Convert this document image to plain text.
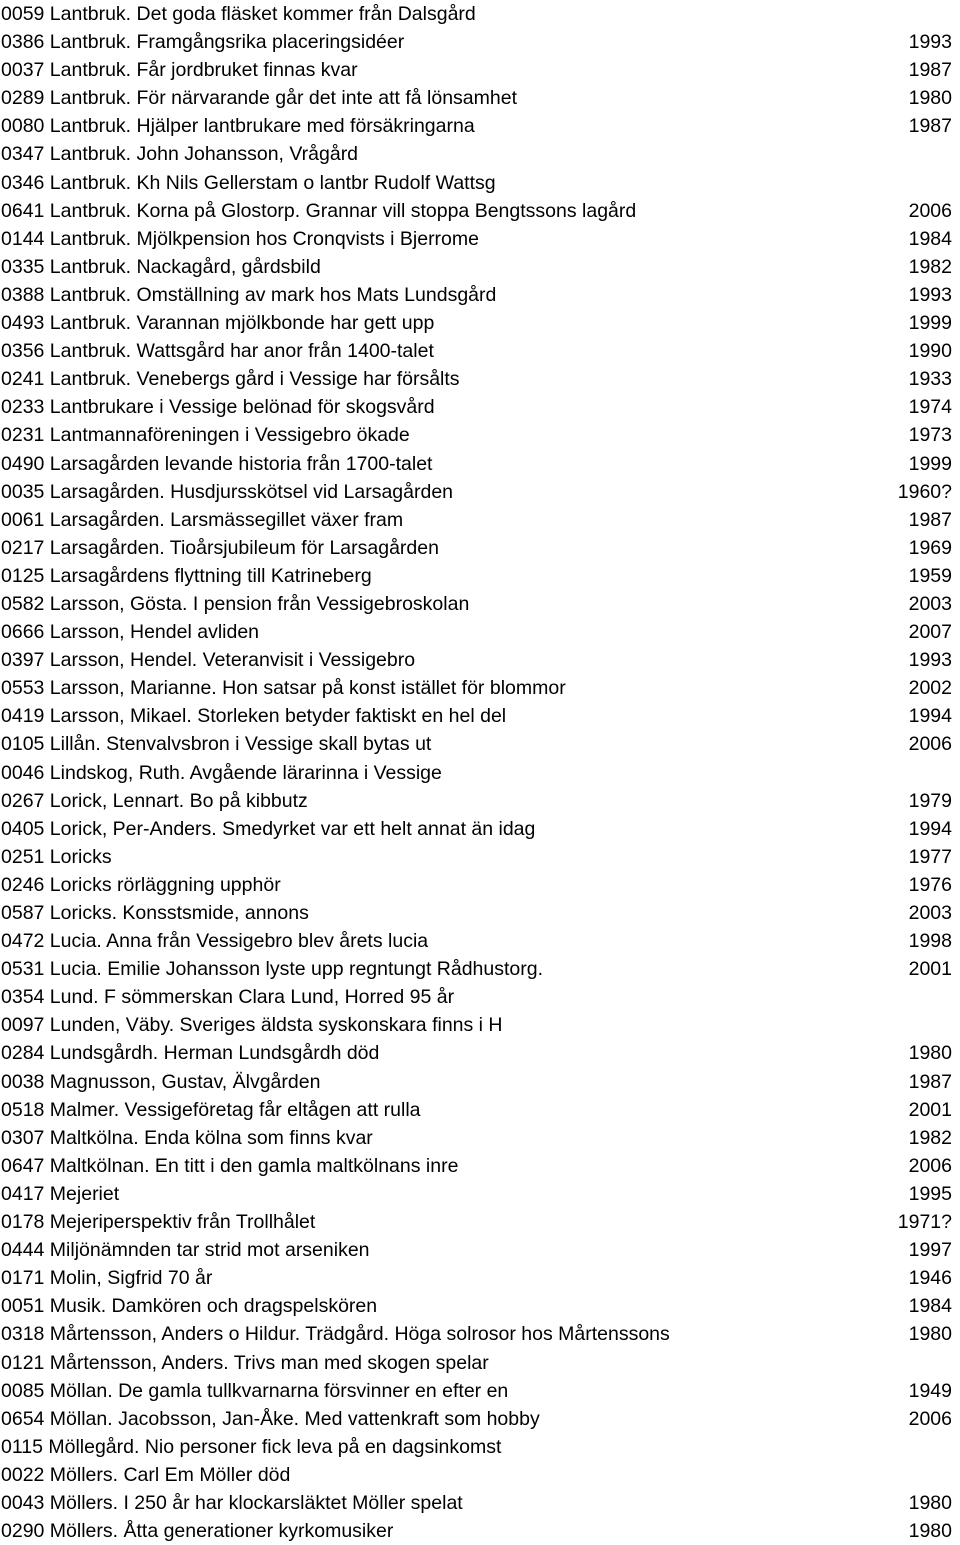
0059 Lantbruk. Det goda fläsket kommer från Dalsgård
0386 Lantbruk. Framgångsrika placeringsidéer	1993
0037 Lantbruk. Får jordbruket finnas kvar	1987
0289 Lantbruk. För närvarande går det inte att få lönsamhet	1980
0080 Lantbruk. Hjälper lantbrukare med försäkringarna	1987
0347 Lantbruk. John Johansson, Vrågård
0346 Lantbruk. Kh Nils Gellerstam o lantbr Rudolf Wattsg
0641 Lantbruk. Korna på Glostorp. Grannar vill stoppa Bengtssons lagård	2006
0144 Lantbruk. Mjölkpension hos Cronqvists i Bjerrome	1984
0335 Lantbruk. Nackagård, gårdsbild	1982
0388 Lantbruk. Omställning av mark hos Mats Lundsgård	1993
0493 Lantbruk. Varannan mjölkbonde har gett upp	1999
0356 Lantbruk. Wattsgård har anor från 1400-talet	1990
0241 Lantbruk. Venebergs gård i Vessige har försålts	1933
0233 Lantbrukare i Vessige belönad för skogsvård	1974
0231 Lantmannaföreningen i Vessigebro ökade	1973
0490 Larsagården levande historia från 1700-talet	1999
0035 Larsagården. Husdjursskötsel vid Larsagården	1960?
0061 Larsagården. Larsmässegillet växer fram	1987
0217 Larsagården. Tioårsjubileum för Larsagården	1969
0125 Larsagårdens flyttning till Katrineberg	1959
0582 Larsson, Gösta. I pension från Vessigebroskolan	2003
0666 Larsson, Hendel avliden	2007
0397 Larsson, Hendel. Veteranvisit i Vessigebro	1993
0553 Larsson, Marianne. Hon satsar på konst istället för blommor	2002
0419 Larsson, Mikael. Storleken betyder faktiskt en hel del	1994
0105 Lillån. Stenvalvsbron i Vessige skall bytas ut	2006
0046 Lindskog, Ruth. Avgående lärarinna i Vessige
0267 Lorick, Lennart. Bo på kibbutz	1979
0405 Lorick, Per-Anders. Smedyrket var ett helt annat än idag	1994
0251 Loricks	1977
0246 Loricks rörläggning upphör	1976
0587 Loricks. Konsstsmide, annons	2003
0472 Lucia. Anna från Vessigebro blev årets lucia	1998
0531 Lucia. Emilie Johansson lyste upp regntungt Rådhustorg.	2001
0354 Lund. F sömmerskan Clara Lund, Horred 95 år
0097 Lunden, Väby. Sveriges äldsta syskonskara finns i H
0284 Lundsgårdh. Herman Lundsgårdh död	1980
0038 Magnusson, Gustav, Älvgården	1987
0518 Malmer. Vessigeföretag får eltågen att rulla	2001
0307 Maltkölna. Enda kölna som finns kvar	1982
0647 Maltkölnan. En titt i den gamla maltkölnans inre	2006
0417 Mejeriet	1995
0178 Mejeriperspektiv från Trollhålet	1971?
0444 Miljönämnden tar strid mot arseniken	1997
0171 Molin, Sigfrid 70 år	1946
0051 Musik. Damkören och dragspelskören	1984
0318 Mårtensson, Anders o Hildur. Trädgård. Höga solrosor hos Mårtenssons	1980
0121 Mårtensson, Anders. Trivs man med skogen spelar
0085 Möllan. De gamla tullkvarnarna försvinner en efter en	1949
0654 Möllan. Jacobsson, Jan-Åke. Med vattenkraft som hobby	2006
0115 Möllegård. Nio personer fick leva på en dagsinkomst
0022 Möllers. Carl Em Möller död
0043 Möllers. I 250 år har klockarsläktet Möller spelat	1980
0290 Möllers. Åtta generationer kyrkomusiker	1980
